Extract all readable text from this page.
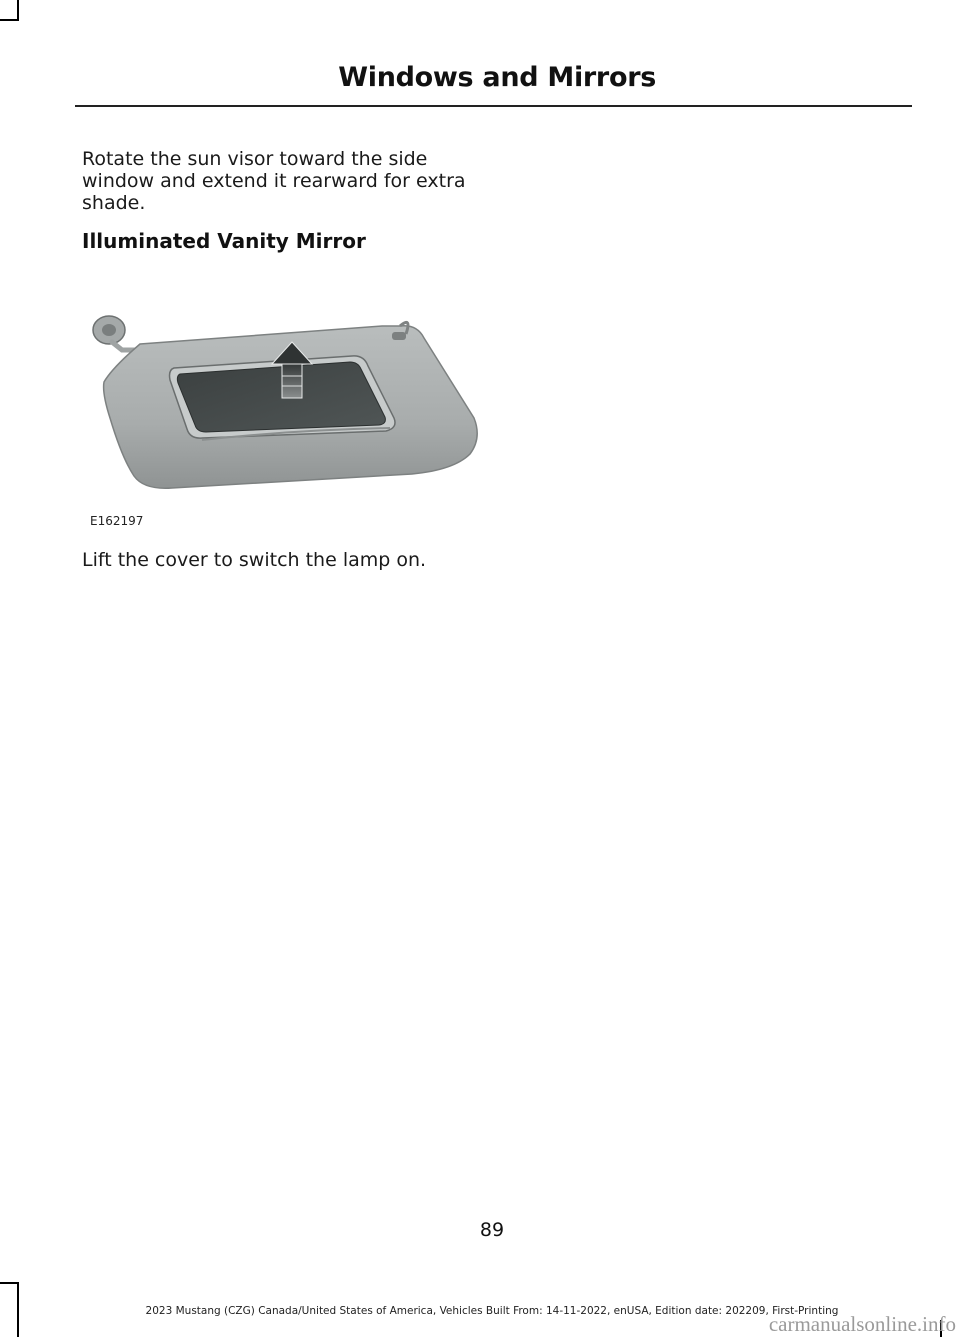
Windows and Mirrors
Rotate the sun visor toward the side window and extend it rearward for extra shade.
Illuminated Vanity Mirror
E162197
Lift the cover to switch the lamp on.
89
2023 Mustang (CZG) Canada/United States of America, Vehicles Built From: 14-11-2022, enUSA, Edition date: 202209, First-Printing
carmanualsonline.info
